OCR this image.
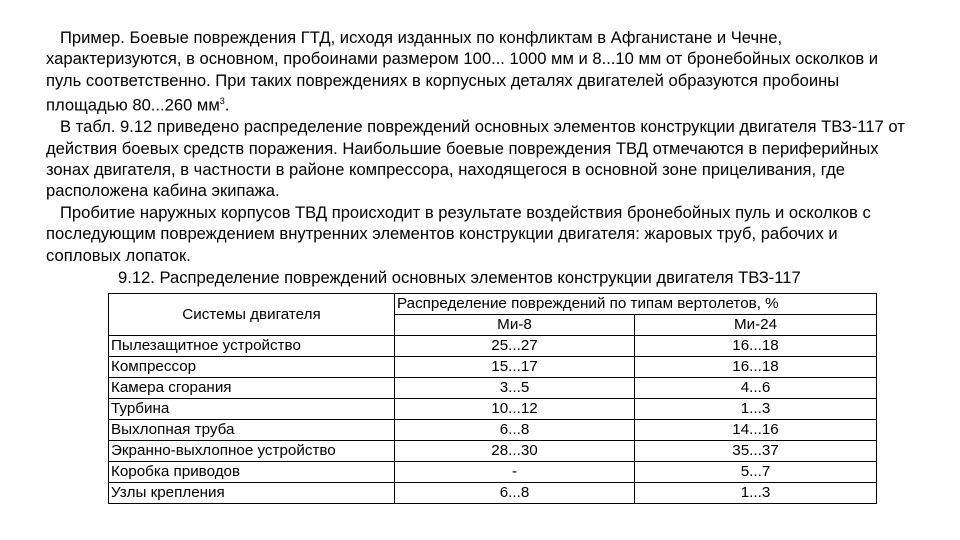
Пример. Боевые повреждения ГТД, исходя изданных по конфликтам в Афганистане и Чечне, характеризуются, в основном, пробоинами размером 100... 1000 мм и 8...10 мм от бронебойных осколков и пуль соответственно. При таких повреждениях в корпусных деталях двигателей образуются пробоины площадью 80...260 $мм^3$.

В табл. 9.12 приведено распределение повреждений основных элементов конструкции двигателя ТВЗ-117 от действия боевых средств поражения. Наибольшие боевые повреждения ТВД отмечаются в периферийных зонах двигателя, в частности в районе компрессора, находящегося в основной зоне прицеливания, где расположена кабина экипажа.

Пробитие наружных корпусов ТВД происходит в результате воздействия бронебойных пуль и осколков с последующим повреждением внутренних элементов конструкции двигателя: жаровых труб, рабочих и сопловых лопаток.

9.12. Распределение повреждений основных элементов конструкции двигателя ТВЗ-117
Системы двигателя	Распределение повреждений по типам вертолетов, %	
	Ми-8	Ми-24
Пылезащитное устройство	25...27	16...18
Компрессор	15...17	16...18
Камера сгорания	3...5	4...6
Турбина	10...12	1...3
Выхлопная труба	6...8	14...16
Экранно-выхлопное устройство	28...30	35...37
Коробка приводов	-	5...7
Узлы крепления	6...8	1...3
